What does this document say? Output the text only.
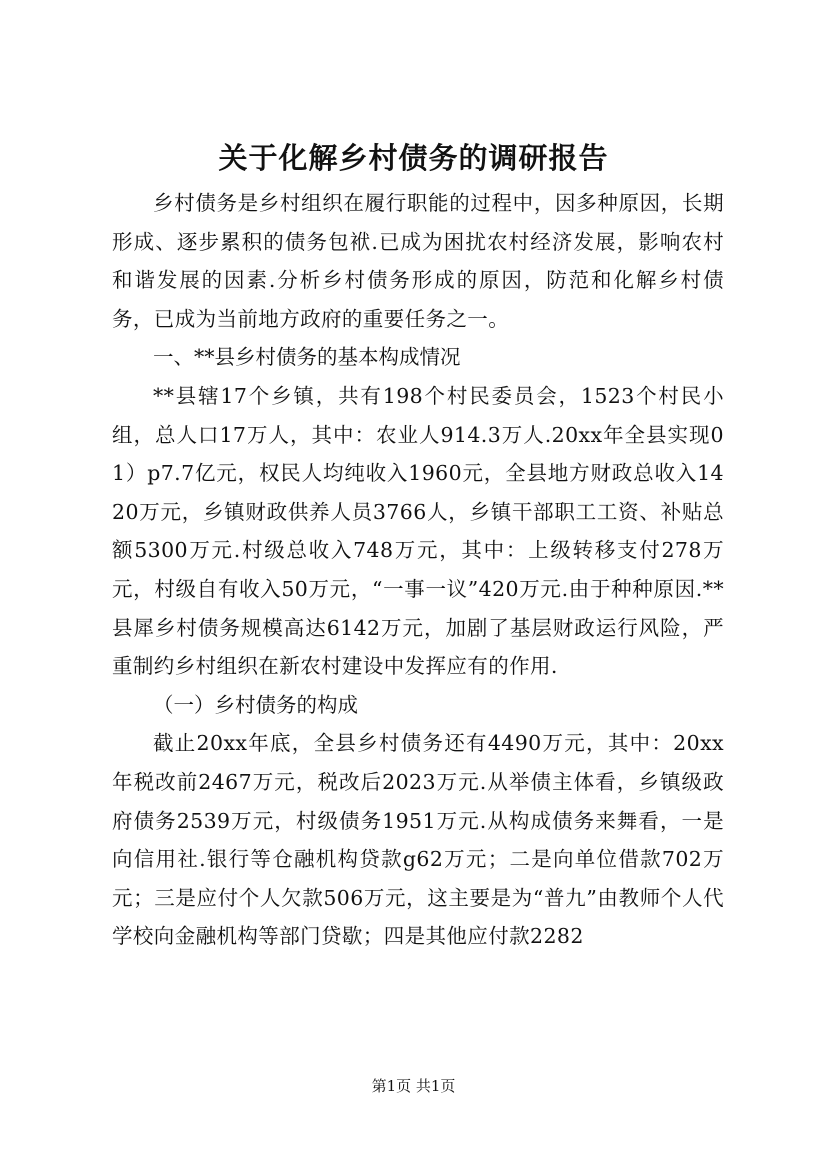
关于化解乡村债务的调研报告

乡村债务是乡村组织在履行职能的过程中，因多种原因，长期形成、逐步累积的债务包袱.已成为困扰农村经济发展，影响农村和谐发展的因素.分析乡村债务形成的原因，防范和化解乡村债务，已成为当前地方政府的重要任务之一。

一、**县乡村债务的基本构成情况

**县辖17个乡镇，共有198个村民委员会，1523个村民小组，总人口17万人，其中：农业人914.3万人.20xx年全县实现01）p7.7亿元，权民人均纯收入1960元，全县地方财政总收入1420万元，乡镇财政供养人员3766人，乡镇干部职工工资、补贴总额5300万元.村级总收入748万元，其中：上级转移支付278万元，村级自有收入50万元，“一事一议”420万元.由于种种原因.**县犀乡村债务规模高达6142万元，加剧了基层财政运行风险，严重制约乡村组织在新农村建设中发挥应有的作用.

（一）乡村债务的构成

截止20xx年底，全县乡村债务还有4490万元，其中：20xx年税改前2467万元，税改后2023万元.从举债主体看，乡镇级政府债务2539万元，村级债务1951万元.从构成债务来舞看，一是向信用社.银行等仓融机构贷款g62万元；二是向单位借款702万元；三是应付个人欠款506万元，这主要是为“普九”由教师个人代学校向金融机构等部门贷歇；四是其他应付款2282

第1页 共1页
